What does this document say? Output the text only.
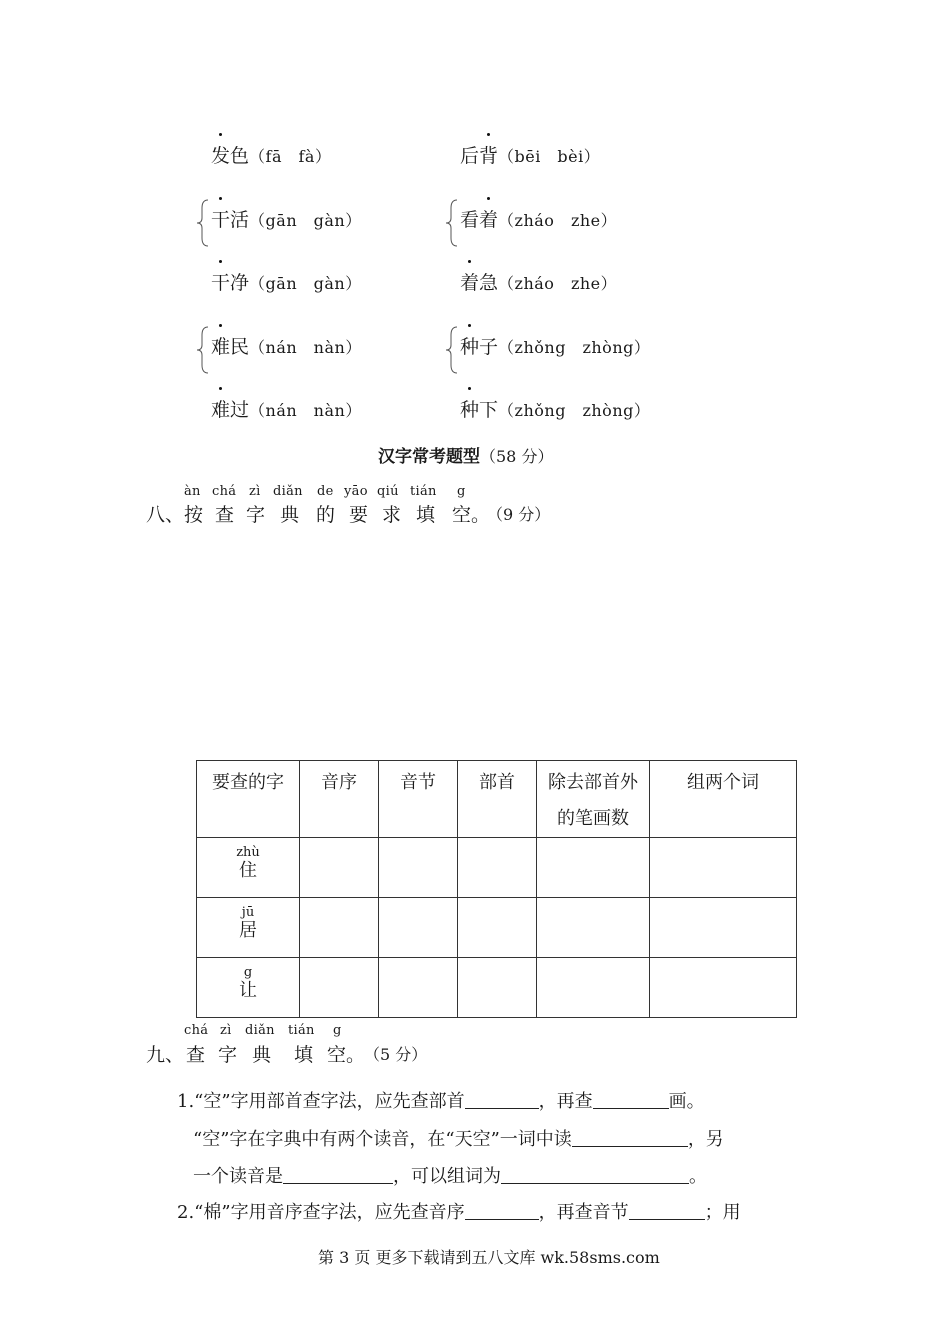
发色（fā　fà）	后背（bēi　bèi）
干活（gān　gàn）	看着（zháo　zhe）
干净（gān　gàn）	着急（zháo　zhe）
难民（nán　nàn）	种子（zhǒng　zhòng）
难过（nán　nàn）	种下（zhǒng　zhòng）
汉字常考题型（58 分）
àn chá zì diǎn de yāo qiú tián g
八、 按 查 字 典 的 要 求 填 空。
（9 分）
要查的字	音序	音节	部首	除去部首外的笔画数	组两个词

zhù
住					

jū
居					

g
让					

chá zì diǎn tián g
九、 查 字 典 填 空。
（5 分）
1.“空”字用部首查字法，应先查部首	，再查	画。
“空”字在字典中有两个读音，在“天空”一词中读	，另
一个读音是	，可以组词为	。
2.“棉”字用音序查字法，应先查音序	，再查音节	；用
第 3 页 更多下载请到五八文库 wk.58sms.com
